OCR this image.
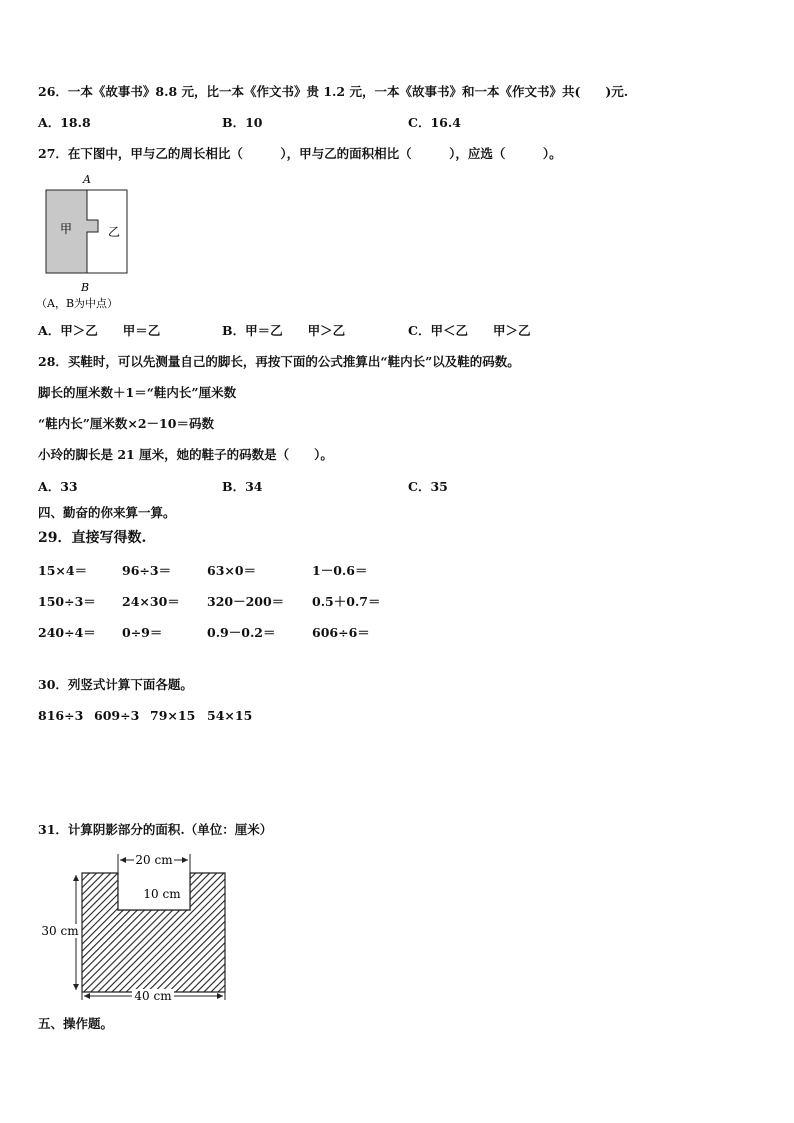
26．一本《故事书》8.8 元，比一本《作文书》贵 1.2 元，一本《故事书》和一本《作文书》共(　　)元.
A．18.8	B．10	C．16.4
27．在下图中，甲与乙的周长相比（　　　），甲与乙的面积相比（　　　），应选（　　　）。
A
甲	乙
B
（A，B为中点）
A．甲＞乙　　甲＝乙	B．甲＝乙　　甲＞乙	C．甲＜乙　　甲＞乙
28．买鞋时，可以先测量自己的脚长，再按下面的公式推算出“鞋内长”以及鞋的码数。
脚长的厘米数＋1＝“鞋内长”厘米数
“鞋内长”厘米数×2－10＝码数
小玲的脚长是 21 厘米，她的鞋子的码数是（　　）。
A．33	B．34	C．35
四、勤奋的你来算一算。
29．直接写得数.
15×4＝	96÷3＝	63×0＝	1－0.6＝
150÷3＝ 24×30＝ 320－200＝ 0.5＋0.7＝
240÷4＝ 0÷9＝	0.9－0.2＝	606÷6＝
30．列竖式计算下面各题。
816÷3 609÷3 79×15 54×15
31．计算阴影部分的面积.（单位：厘米）
20 cm
10 cm
30 cm
40 cm
五、操作题。
